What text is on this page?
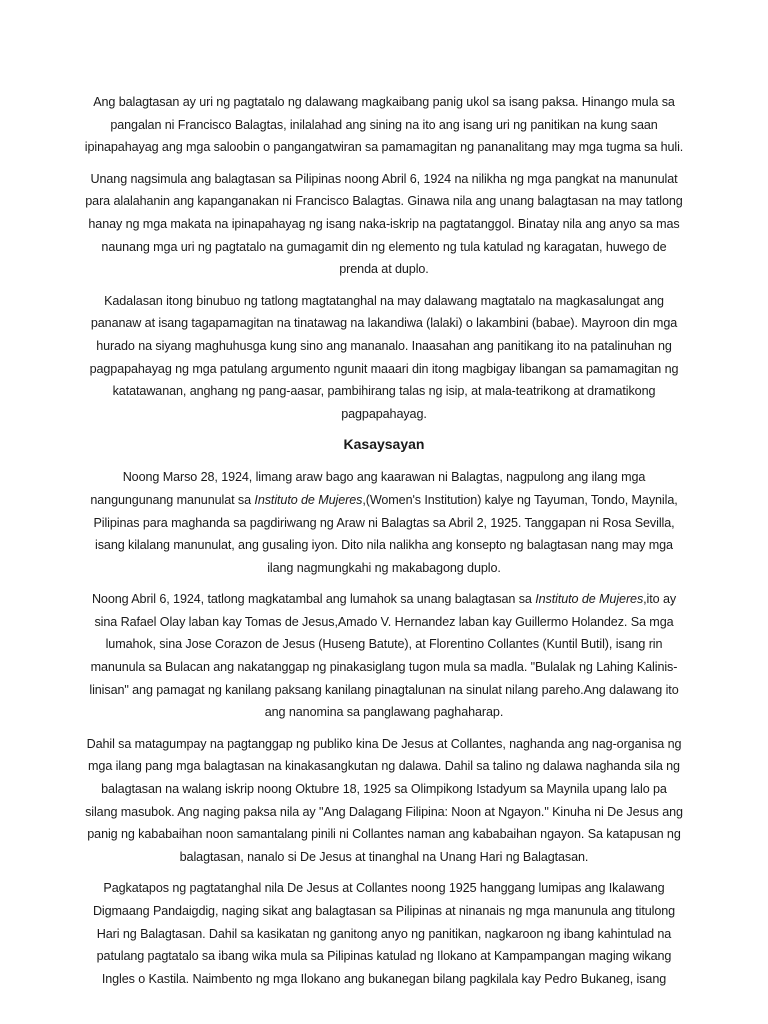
Ang balagtasan ay uri ng pagtatalo ng dalawang magkaibang panig ukol sa isang paksa. Hinango mula sa pangalan ni Francisco Balagtas, inilalahad ang sining na ito ang isang uri ng panitikan na kung saan ipinapahayag ang mga saloobin o pangangatwiran sa pamamagitan ng pananalitang may mga tugma sa huli.

Unang nagsimula ang balagtasan sa Pilipinas noong Abril 6, 1924 na nilikha ng mga pangkat na manunulat para alalahanin ang kapanganakan ni Francisco Balagtas. Ginawa nila ang unang balagtasan na may tatlong hanay ng mga makata na ipinapahayag ng isang naka-iskrip na pagtatanggol. Binatay nila ang anyo sa mas naunang mga uri ng pagtatalo na gumagamit din ng elemento ng tula katulad ng karagatan, huwego de prenda at duplo.

Kadalasan itong binubuo ng tatlong magtatanghal na may dalawang magtatalo na magkasalungat ang pananaw at isang tagapamagitan na tinatawag na lakandiwa (lalaki) o lakambini (babae). Mayroon din mga hurado na siyang maghuhusga kung sino ang mananalo. Inaasahan ang panitikang ito na patalinuhan ng pagpapahayag ng mga patulang argumento ngunit maaari din itong magbigay libangan sa pamamagitan ng katatawanan, anghang ng pang-aasar, pambihirang talas ng isip, at mala-teatrikong at dramatikong pagpapahayag.

Kasaysayan

Noong Marso 28, 1924, limang araw bago ang kaarawan ni Balagtas, nagpulong ang ilang mga nangungunang manunulat sa Instituto de Mujeres,(Women's Institution) kalye ng Tayuman, Tondo, Maynila, Pilipinas para maghanda sa pagdiriwang ng Araw ni Balagtas sa Abril 2, 1925. Tanggapan ni Rosa Sevilla, isang kilalang manunulat, ang gusaling iyon. Dito nila nalikha ang konsepto ng balagtasan nang may mga ilang nagmungkahi ng makabagong duplo.

Noong Abril 6, 1924, tatlong magkatambal ang lumahok sa unang balagtasan sa Instituto de Mujeres,ito ay sina Rafael Olay laban kay Tomas de Jesus,Amado V. Hernandez laban kay Guillermo Holandez. Sa mga lumahok, sina Jose Corazon de Jesus (Huseng Batute), at Florentino Collantes (Kuntil Butil), isang rin manunula sa Bulacan ang nakatanggap ng pinakasiglang tugon mula sa madla. "Bulalak ng Lahing Kalinis-linisan" ang pamagat ng kanilang paksang kanilang pinagtalunan na sinulat nilang pareho.Ang dalawang ito ang nanomina sa panglawang paghaharap.

Dahil sa matagumpay na pagtanggap ng publiko kina De Jesus at Collantes, naghanda ang nag-organisa ng mga ilang pang mga balagtasan na kinakasangkutan ng dalawa. Dahil sa talino ng dalawa naghanda sila ng balagtasan na walang iskrip noong Oktubre 18, 1925 sa Olimpikong Istadyum sa Maynila upang lalo pa silang masubok. Ang naging paksa nila ay "Ang Dalagang Filipina: Noon at Ngayon." Kinuha ni De Jesus ang panig ng kababaihan noon samantalang pinili ni Collantes naman ang kababaihan ngayon. Sa katapusan ng balagtasan, nanalo si De Jesus at tinanghal na Unang Hari ng Balagtasan.

Pagkatapos ng pagtatanghal nila De Jesus at Collantes noong 1925 hanggang lumipas ang Ikalawang Digmaang Pandaigdig, naging sikat ang balagtasan sa Pilipinas at ninanais ng mga manunula ang titulong Hari ng Balagtasan. Dahil sa kasikatan ng ganitong anyo ng panitikan, nagkaroon ng ibang kahintulad na patulang pagtatalo sa ibang wika mula sa Pilipinas katulad ng Ilokano at Kampampangan maging wikang Ingles o Kastila. Naimbento ng mga Ilokano ang bukanegan bilang pagkilala kay Pedro Bukaneg, isang
